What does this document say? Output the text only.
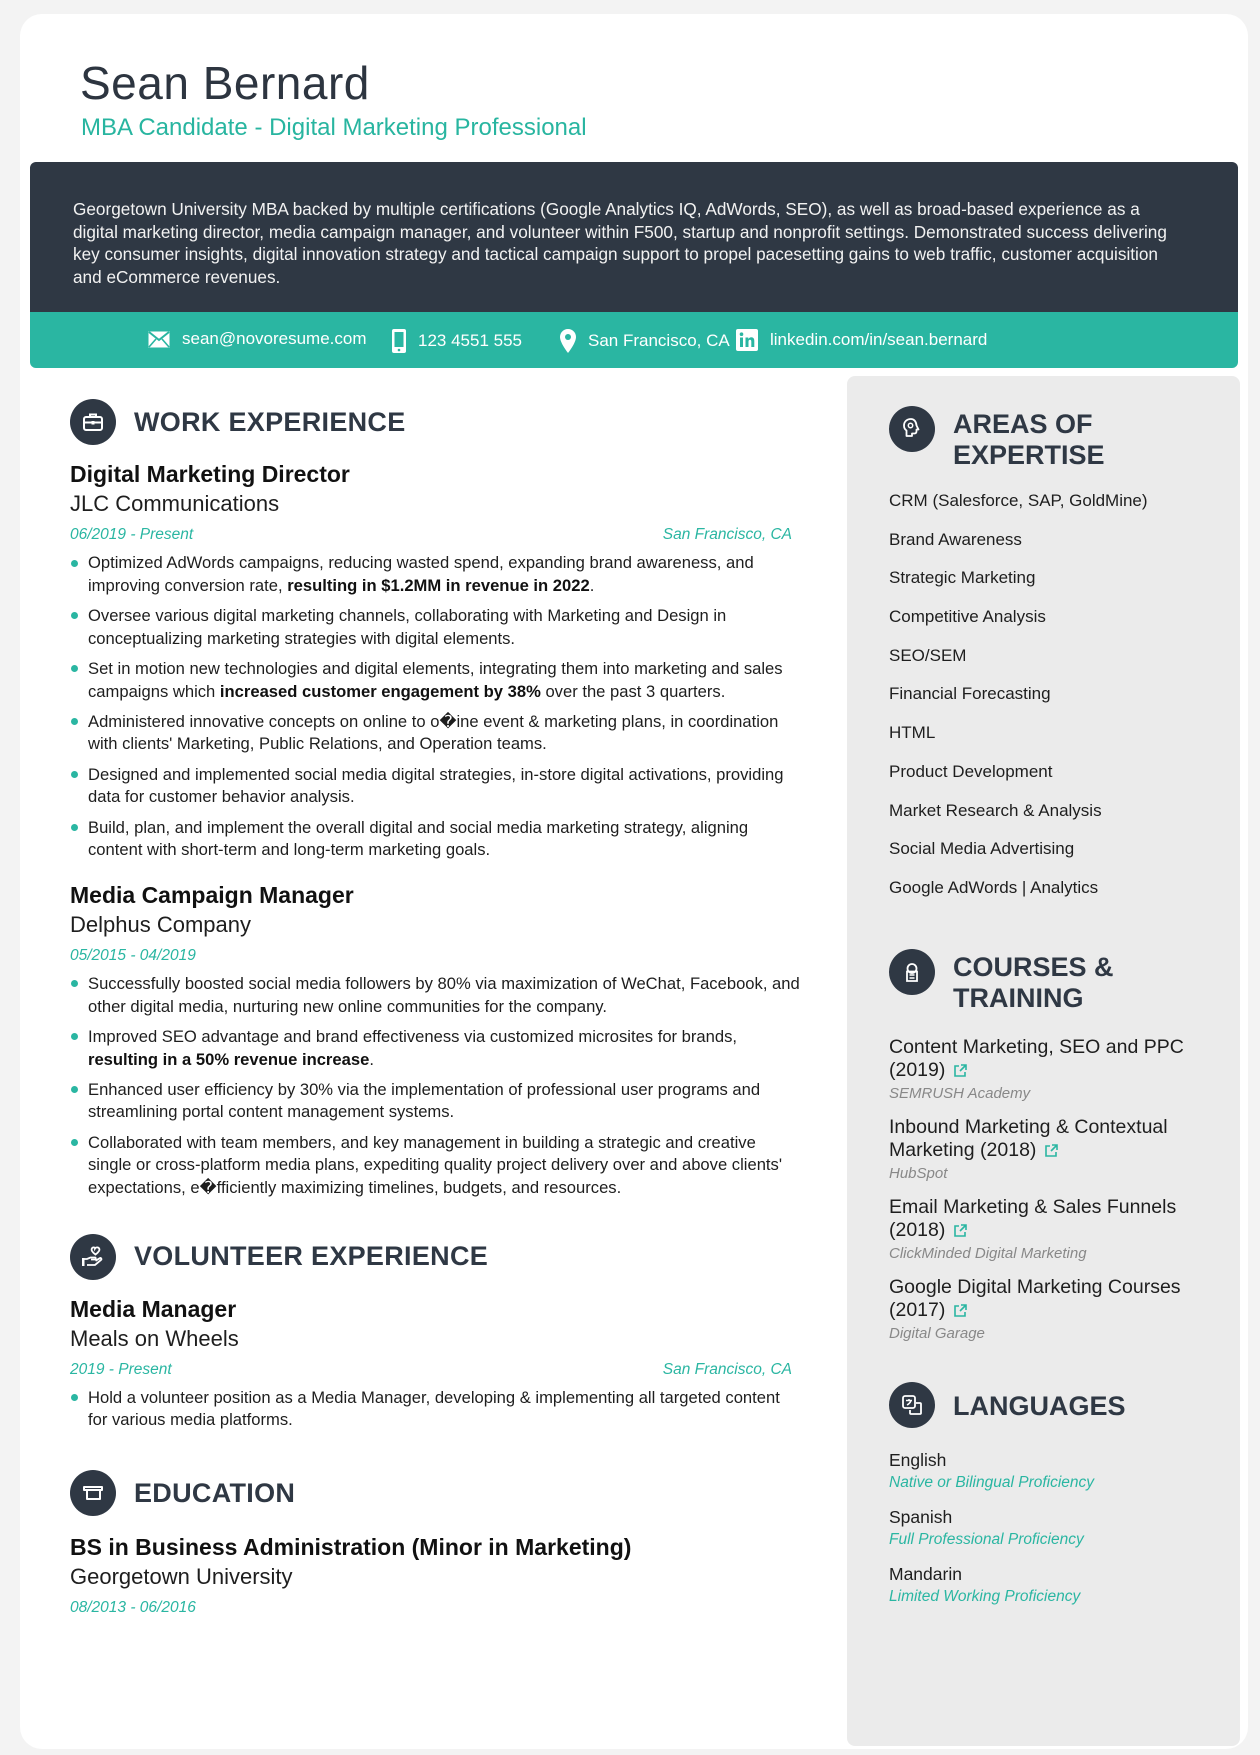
Sean Bernard
MBA Candidate - Digital Marketing Professional
Georgetown University MBA backed by multiple certifications (Google Analytics IQ, AdWords, SEO), as well as broad-based experience as a digital marketing director, media campaign manager, and volunteer within F500, startup and nonprofit settings. Demonstrated success delivering key consumer insights, digital innovation strategy and tactical campaign support to propel pacesetting gains to web traffic, customer acquisition and eCommerce revenues.
sean@novoresume.com	123 4551 555	San Francisco, CA linkedin.com/in/sean.bernard
WORK EXPERIENCE
Digital Marketing Director
JLC Communications
06/2019 - Present	San Francisco, CA
Optimized AdWords campaigns, reducing wasted spend, expanding brand awareness, and improving conversion rate, resulting in $1.2MM in revenue in 2022.
Oversee various digital marketing channels, collaborating with Marketing and Design in conceptualizing marketing strategies with digital elements.
Set in motion new technologies and digital elements, integrating them into marketing and sales campaigns which increased customer engagement by 38% over the past 3 quarters.
Administered innovative concepts on online to o�ine event & marketing plans, in coordination with clients' Marketing, Public Relations, and Operation teams.
Designed and implemented social media digital strategies, in-store digital activations, providing data for customer behavior analysis.
Build, plan, and implement the overall digital and social media marketing strategy, aligning content with short-term and long-term marketing goals.
Media Campaign Manager
Delphus Company
05/2015 - 04/2019
Successfully boosted social media followers by 80% via maximization of WeChat, Facebook, and other digital media, nurturing new online communities for the company.
Improved SEO advantage and brand effectiveness via customized microsites for brands, resulting in a 50% revenue increase.
Enhanced user efficiency by 30% via the implementation of professional user programs and streamlining portal content management systems.
Collaborated with team members, and key management in building a strategic and creative single or cross-platform media plans, expediting quality project delivery over and above clients' expectations, e�fficiently maximizing timelines, budgets, and resources.
VOLUNTEER EXPERIENCE
Media Manager
Meals on Wheels
2019 - Present	San Francisco, CA
Hold a volunteer position as a Media Manager, developing & implementing all targeted content for various media platforms.
EDUCATION
BS in Business Administration (Minor in Marketing)
Georgetown University
08/2013 - 06/2016
AREAS OF
EXPERTISE
CRM (Salesforce, SAP, GoldMine)
Brand Awareness
Strategic Marketing
Competitive Analysis
SEO/SEM
Financial Forecasting
HTML
Product Development
Market Research & Analysis
Social Media Advertising
Google AdWords | Analytics
COURSES &
TRAINING
Content Marketing, SEO and PPC (2019)
SEMRUSH Academy
Inbound Marketing & Contextual Marketing (2018)
HubSpot
Email Marketing & Sales Funnels (2018)
ClickMinded Digital Marketing
Google Digital Marketing Courses (2017)
Digital Garage
LANGUAGES
English
Native or Bilingual Proficiency
Spanish
Full Professional Proficiency
Mandarin
Limited Working Proficiency
